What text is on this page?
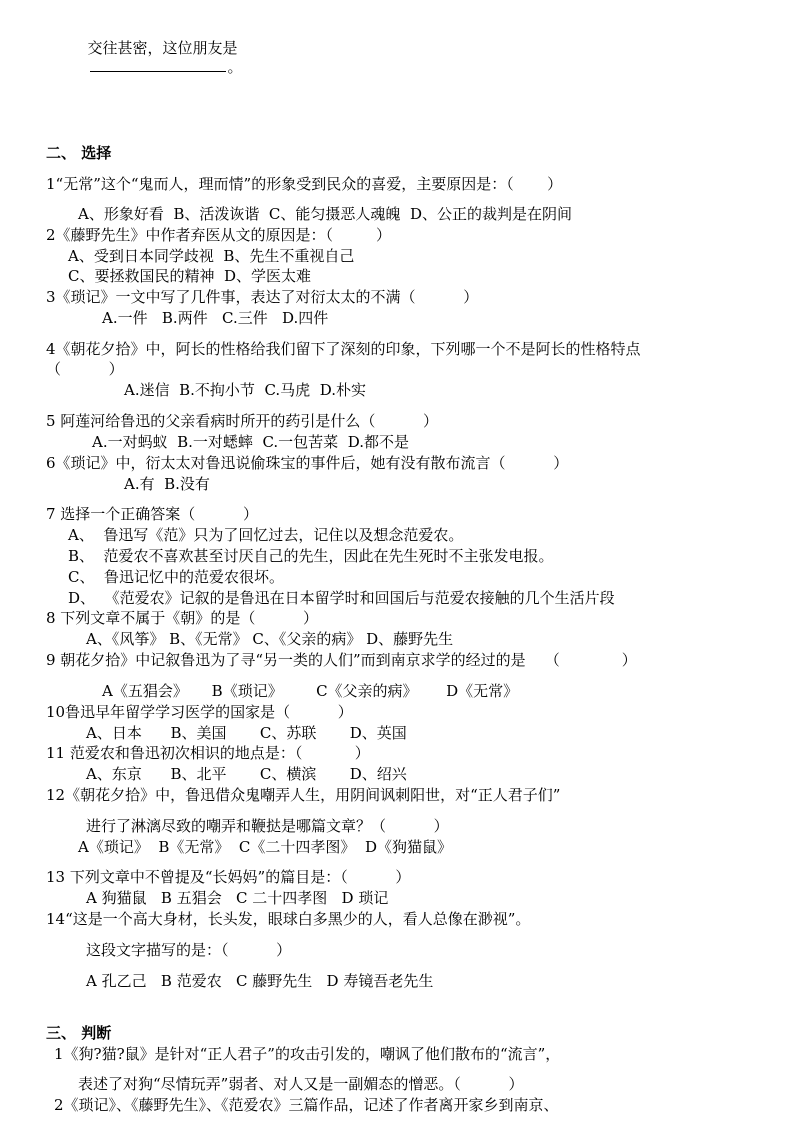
交往甚密，这位朋友是
。

二、 选择
1“无常”这个“鬼而人，理而情”的形象受到民众的喜爱，主要原因是：（       ）
A、形象好看  B、活泼诙谐  C、能匀摄恶人魂魄  D、公正的裁判是在阴间
2《藤野先生》中作者弃医从文的原因是：（         ）
A、受到日本同学歧视  B、先生不重视自己
C、要拯救国民的精神  D、学医太难
3《琐记》一文中写了几件事，表达了对衍太太的不满（          ）
A.一件   B.两件   C.三件   D.四件
4《朝花夕拾》中，阿长的性格给我们留下了深刻的印象，下列哪一个不是阿长的性格特点
（          ）
A.迷信  B.不拘小节  C.马虎  D.朴实
5 阿莲河给鲁迅的父亲看病时所开的药引是什么（          ）
A.一对蚂蚁  B.一对蟋蟀  C.一包苦菜  D.都不是
6《琐记》中，衍太太对鲁迅说偷珠宝的事件后，她有没有散布流言（          ）
A.有  B.没有
7 选择一个正确答案（          ）
A、  鲁迅写《范》只为了回忆过去，记住以及想念范爱农。
B、  范爱农不喜欢甚至讨厌自己的先生，因此在先生死时不主张发电报。
C、  鲁迅记忆中的范爱农很坏。
D、  《范爱农》记叙的是鲁迅在日本留学时和回国后与范爱农接触的几个生活片段
8 下列文章不属于《朝》的是（          ）
A、《风筝》 B、《无常》 C、《父亲的病》 D、藤野先生
9 朝花夕拾》中记叙鲁迅为了寻“另一类的人们”而到南京求学的经过的是    （             ）
A《五猖会》     B《琐记》       C《父亲的病》      D《无常》
10鲁迅早年留学学习医学的国家是（          ）
A、日本      B、美国       C、苏联       D、英国
11 范爱农和鲁迅初次相识的地点是：（           ）
A、东京      B、北平       C、横滨       D、绍兴
12《朝花夕拾》中，鲁迅借众鬼嘲弄人生，用阴间讽刺阳世，对“正人君子们”
进行了淋漓尽致的嘲弄和鞭挞是哪篇文章？（          ）
A《琐记》  B《无常》  C《二十四孝图》  D《狗猫鼠》
13 下列文章中不曾提及“长妈妈”的篇目是：（          ）
A 狗猫鼠   B 五猖会   C 二十四孝图   D 琐记
14“这是一个高大身材，长头发，眼球白多黑少的人，看人总像在渺视”。
这段文字描写的是：（          ）
A 孔乙己   B 范爱农   C 藤野先生   D 寿镜吾老先生
三、 判断
1《狗?猫?鼠》是针对“正人君子”的攻击引发的，嘲讽了他们散布的“流言”，
表述了对狗“尽情玩弄”弱者、对人又是一副媚态的憎恶。（          ）
2《琐记》、《藤野先生》、《范爱农》三篇作品，记述了作者离开家乡到南京、
